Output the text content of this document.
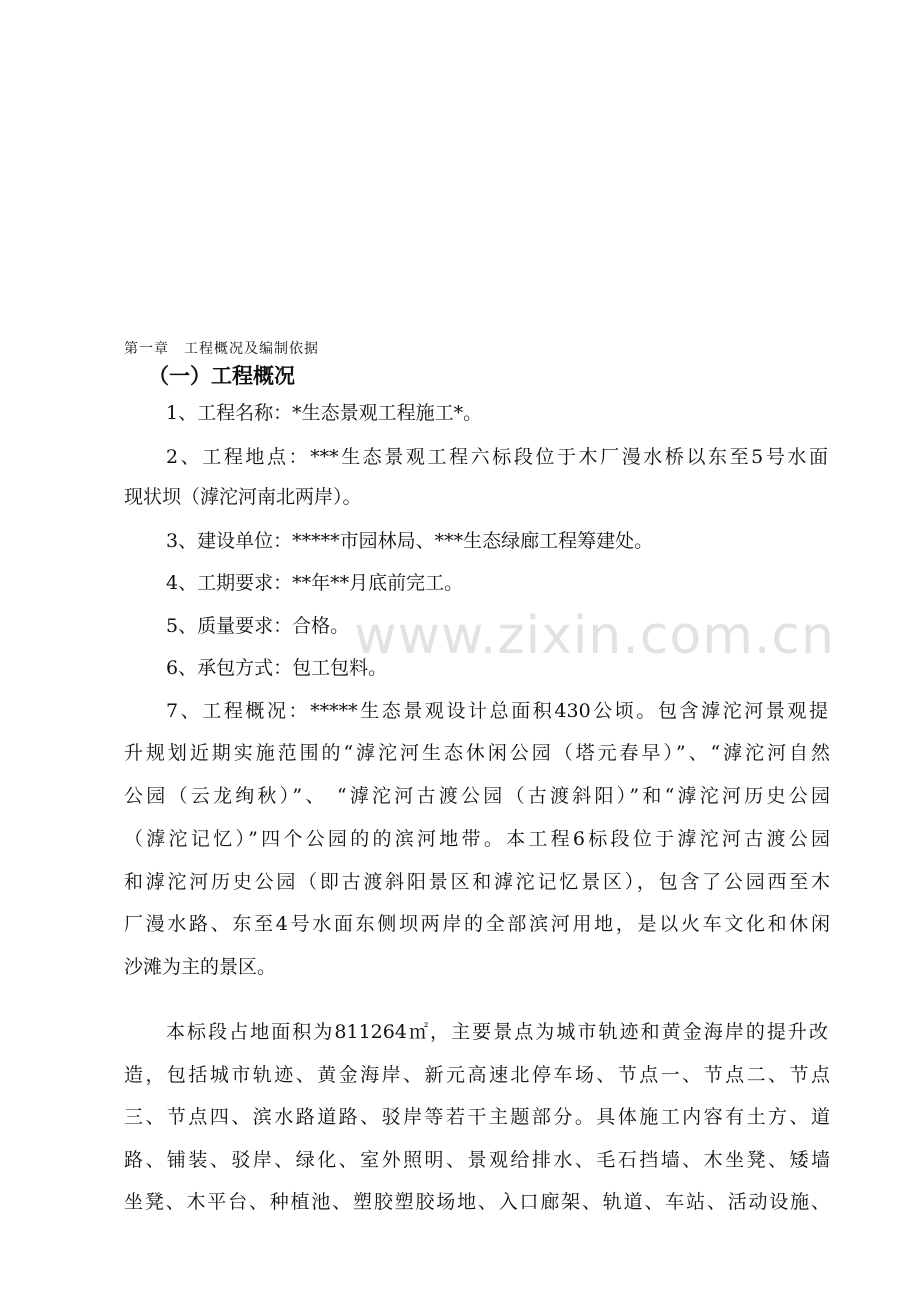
第一章　工程概况及编制依据
（一）工程概况
1、工程名称：*生态景观工程施工*。
2、工程地点：***生态景观工程六标段位于木厂漫水桥以东至5号水面
现状坝（滹沱河南北两岸）。
3、建设单位：*****市园林局、***生态绿廊工程筹建处。
4、工期要求：**年**月底前完工。
5、质量要求：合格。
6、承包方式：包工包料。
7、工程概况：*****生态景观设计总面积430公顷。包含滹沱河景观提
升规划近期实施范围的“滹沱河生态休闲公园（塔元春早）”、“滹沱河自然
公园（云龙绚秋）”、 “滹沱河古渡公园（古渡斜阳）”和“滹沱河历史公园
（滹沱记忆）”四个公园的的滨河地带。本工程6标段位于滹沱河古渡公园
和滹沱河历史公园（即古渡斜阳景区和滹沱记忆景区），包含了公园西至木
厂漫水路、东至4号水面东侧坝两岸的全部滨河用地，是以火车文化和休闲
沙滩为主的景区。
本标段占地面积为811264㎡，主要景点为城市轨迹和黄金海岸的提升改
造，包括城市轨迹、黄金海岸、新元高速北停车场、节点一、节点二、节点
三、节点四、滨水路道路、驳岸等若干主题部分。具体施工内容有土方、道
路、铺装、驳岸、绿化、室外照明、景观给排水、毛石挡墙、木坐凳、矮墙
坐凳、木平台、种植池、塑胶塑胶场地、入口廊架、轨道、车站、活动设施、
www.zixin.com.cn
